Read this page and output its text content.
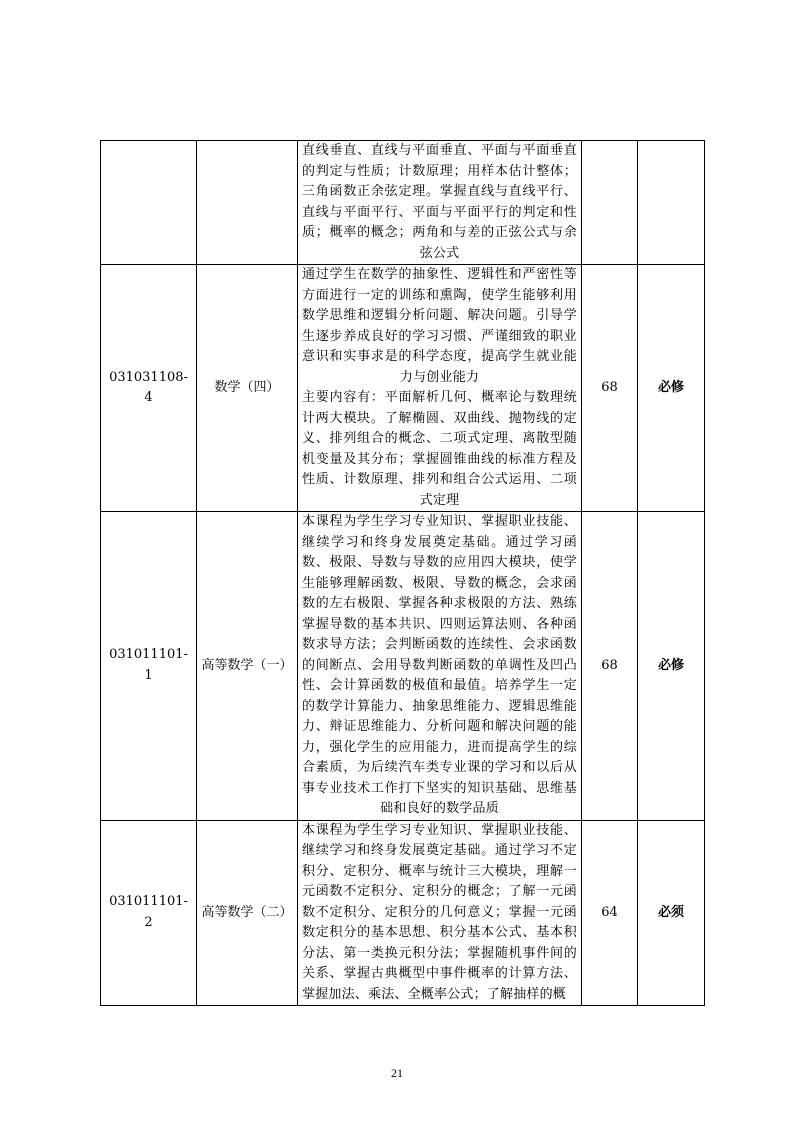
		直线垂直、直线与平面垂直、平面与平面垂直的判定与性质；计数原理；用样本估计整体；三角函数正余弦定理。掌握直线与直线平行、直线与平面平行、平面与平面平行的判定和性质；概率的概念；两角和与差的正弦公式与余弦公式		
031031108-4	数学（四）	通过学生在数学的抽象性、逻辑性和严密性等方面进行一定的训练和熏陶，使学生能够利用数学思维和逻辑分析问题、解决问题。引导学生逐步养成良好的学习习惯、严谨细致的职业意识和实事求是的科学态度，提高学生就业能力与创业能力
主要内容有：平面解析几何、概率论与数理统计两大模块。了解椭圆、双曲线、抛物线的定义、排列组合的概念、二项式定理、离散型随机变量及其分布；掌握圆锥曲线的标准方程及性质、计数原理、排列和组合公式运用、二项式定理	68	必修
031011101-1	高等数学（一）	本课程为学生学习专业知识、掌握职业技能、继续学习和终身发展奠定基础。通过学习函数、极限、导数与导数的应用四大模块，使学生能够理解函数、极限、导数的概念，会求函数的左右极限、掌握各种求极限的方法、熟练掌握导数的基本共识、四则运算法则、各种函数求导方法；会判断函数的连续性、会求函数的间断点、会用导数判断函数的单调性及凹凸性、会计算函数的极值和最值。培养学生一定的数学计算能力、抽象思维能力、逻辑思维能力、辩证思维能力、分析问题和解决问题的能力，强化学生的应用能力，进而提高学生的综合素质，为后续汽车类专业课的学习和以后从事专业技术工作打下坚实的知识基础、思维基础和良好的数学品质	68	必修
031011101-2	高等数学（二）	本课程为学生学习专业知识、掌握职业技能、继续学习和终身发展奠定基础。通过学习不定积分、定积分、概率与统计三大模块，理解一元函数不定积分、定积分的概念；了解一元函数不定积分、定积分的几何意义；掌握一元函数定积分的基本思想、积分基本公式、基本积分法、第一类换元积分法；掌握随机事件间的关系、掌握古典概型中事件概率的计算方法、掌握加法、乘法、全概率公式；了解抽样的概	64	必须
21
